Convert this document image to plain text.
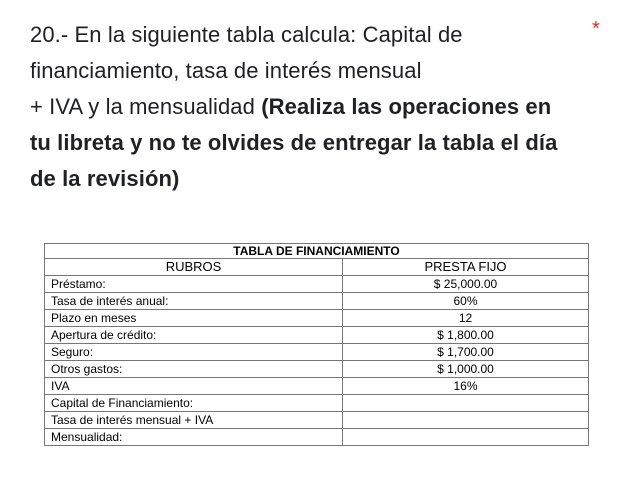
20.- En la siguiente tabla calcula: Capital de
financiamiento, tasa de interés mensual
+ IVA y la mensualidad (Realiza las operaciones en
tu libreta y no te olvides de entregar la tabla el día
de la revisión)
*
TABLA DE FINANCIAMIENTO	
RUBROS	PRESTA FIJO
Préstamo:	$ 25,000.00
Tasa de interés anual:	60%
Plazo en meses	12
Apertura de crédito:	$ 1,800.00
Seguro:	$ 1,700.00
Otros gastos:	$ 1,000.00
IVA	16%
Capital de Financiamiento:	
Tasa de interés mensual + IVA	
Mensualidad:	
